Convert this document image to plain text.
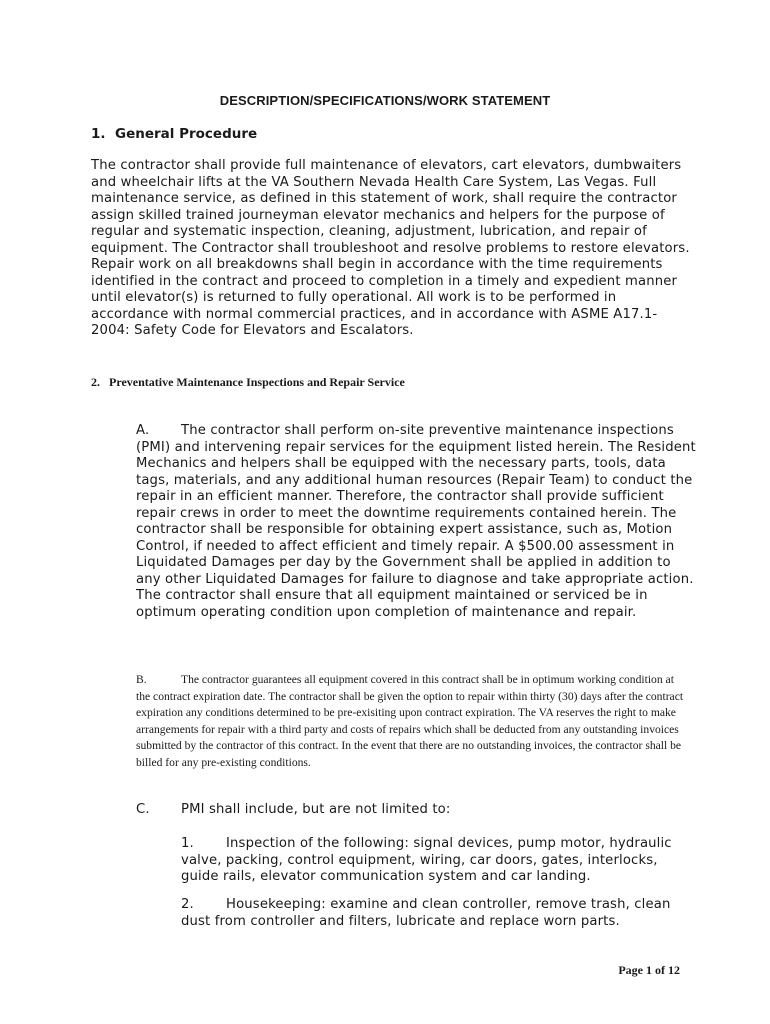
DESCRIPTION/SPECIFICATIONS/WORK STATEMENT
1. General Procedure

The contractor shall provide full maintenance of elevators, cart elevators, dumbwaiters and wheelchair lifts at the VA Southern Nevada Health Care System, Las Vegas. Full maintenance service, as defined in this statement of work, shall require the contractor assign skilled trained journeyman elevator mechanics and helpers for the purpose of regular and systematic inspection, cleaning, adjustment, lubrication, and repair of equipment. The Contractor shall troubleshoot and resolve problems to restore elevators. Repair work on all breakdowns shall begin in accordance with the time requirements identified in the contract and proceed to completion in a timely and expedient manner until elevator(s) is returned to fully operational. All work is to be performed in accordance with normal commercial practices, and in accordance with ASME A17.1-2004: Safety Code for Elevators and Escalators.

2. Preventative Maintenance Inspections and Repair Service

A. The contractor shall perform on-site preventive maintenance inspections (PMI) and intervening repair services for the equipment listed herein. The Resident Mechanics and helpers shall be equipped with the necessary parts, tools, data tags, materials, and any additional human resources (Repair Team) to conduct the repair in an efficient manner. Therefore, the contractor shall provide sufficient repair crews in order to meet the downtime requirements contained herein. The contractor shall be responsible for obtaining expert assistance, such as, Motion Control, if needed to affect efficient and timely repair. A $500.00 assessment in Liquidated Damages per day by the Government shall be applied in addition to any other Liquidated Damages for failure to diagnose and take appropriate action. The contractor shall ensure that all equipment maintained or serviced be in optimum operating condition upon completion of maintenance and repair.

B.	The contractor guarantees all equipment covered in this contract shall be in optimum working condition at the contract expiration date. The contractor shall be given the option to repair within thirty (30) days after the contract expiration any conditions determined to be pre-exisiting upon contract expiration. The VA reserves the right to make arrangements for repair with a third party and costs of repairs which shall be deducted from any outstanding invoices submitted by the contractor of this contract. In the event that there are no outstanding invoices, the contractor shall be billed for any pre-existing conditions.

C. PMI shall include, but are not limited to:

1. Inspection of the following: signal devices, pump motor, hydraulic valve, packing, control equipment, wiring, car doors, gates, interlocks, guide rails, elevator communication system and car landing.

2. Housekeeping: examine and clean controller, remove trash, clean dust from controller and filters, lubricate and replace worn parts.

Page 1 of 12
